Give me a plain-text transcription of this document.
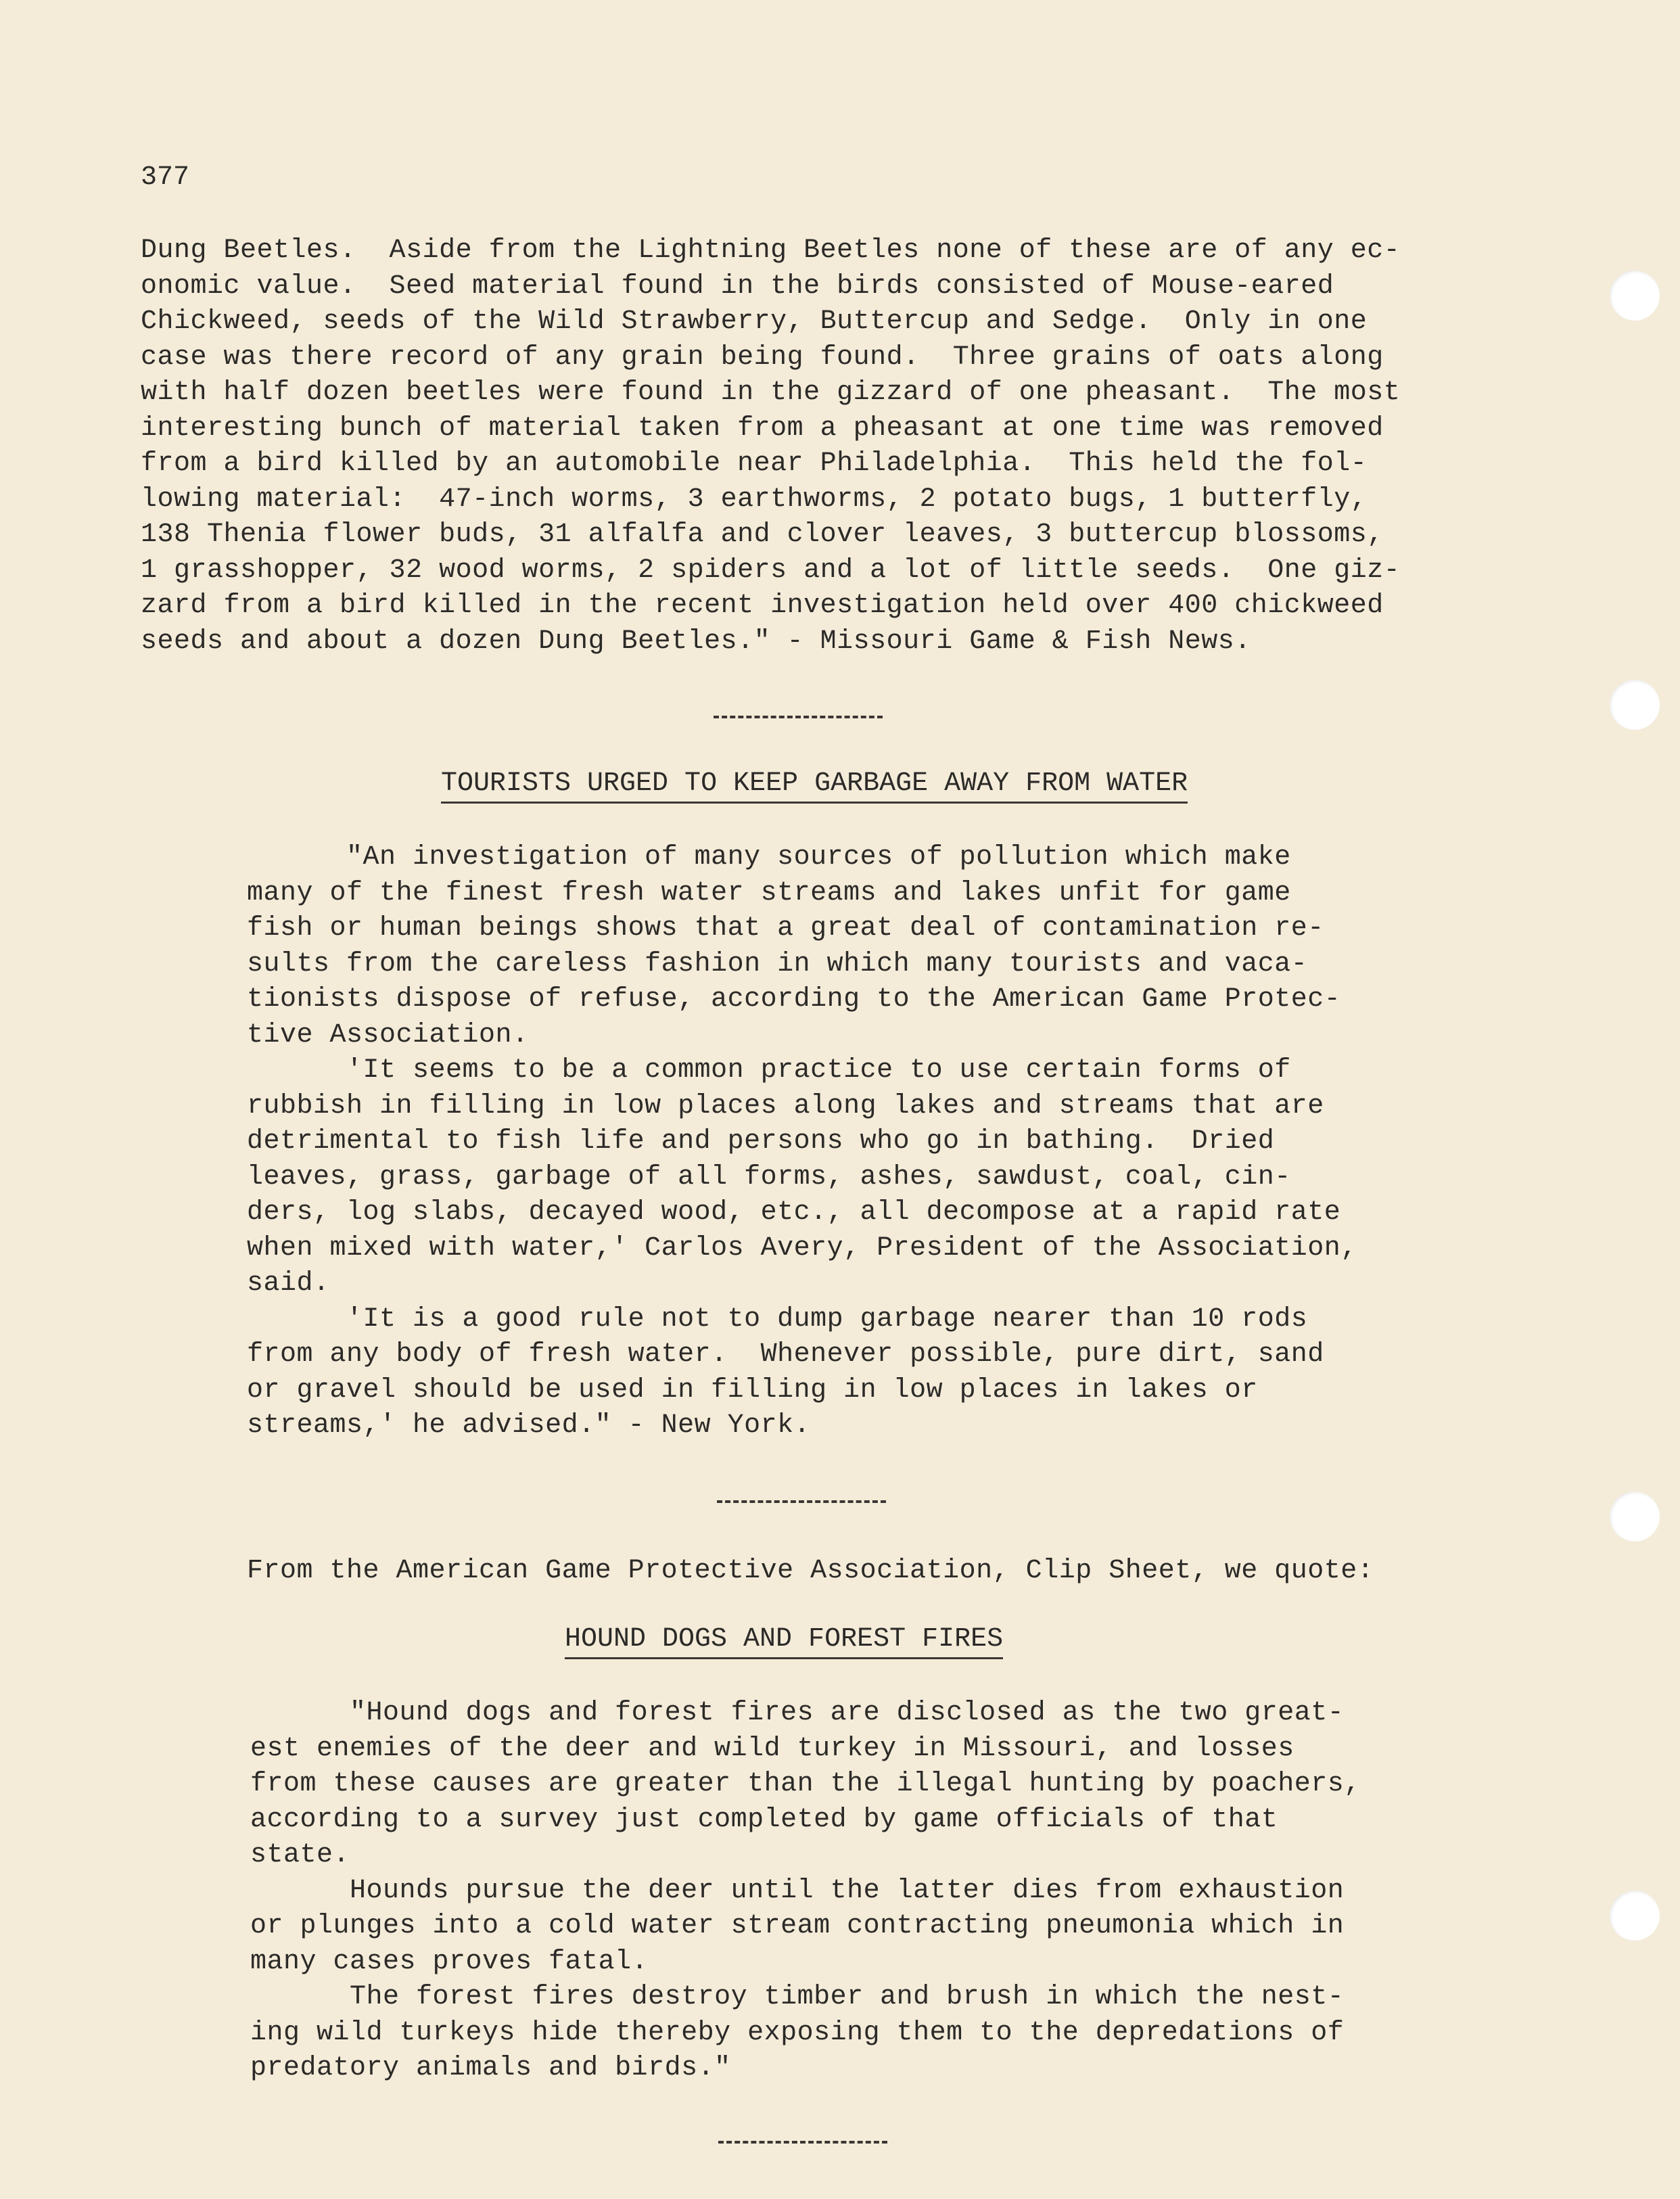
377
Dung Beetles.  Aside from the Lightning Beetles none of these are of any ec-
onomic value.  Seed material found in the birds consisted of Mouse-eared
Chickweed, seeds of the Wild Strawberry, Buttercup and Sedge.  Only in one
case was there record of any grain being found.  Three grains of oats along
with half dozen beetles were found in the gizzard of one pheasant.  The most
interesting bunch of material taken from a pheasant at one time was removed
from a bird killed by an automobile near Philadelphia.  This held the fol-
lowing material:  47-inch worms, 3 earthworms, 2 potato bugs, 1 butterfly,
138 Thenia flower buds, 31 alfalfa and clover leaves, 3 buttercup blossoms,
1 grasshopper, 32 wood worms, 2 spiders and a lot of little seeds.  One giz-
zard from a bird killed in the recent investigation held over 400 chickweed
seeds and about a dozen Dung Beetles." - Missouri Game & Fish News.
TOURISTS URGED TO KEEP GARBAGE AWAY FROM WATER
"An investigation of many sources of pollution which make
many of the finest fresh water streams and lakes unfit for game
fish or human beings shows that a great deal of contamination re-
sults from the careless fashion in which many tourists and vaca-
tionists dispose of refuse, according to the American Game Protec-
tive Association.
'It seems to be a common practice to use certain forms of
rubbish in filling in low places along lakes and streams that are
detrimental to fish life and persons who go in bathing.  Dried
leaves, grass, garbage of all forms, ashes, sawdust, coal, cin-
ders, log slabs, decayed wood, etc., all decompose at a rapid rate
when mixed with water,' Carlos Avery, President of the Association,
said.
'It is a good rule not to dump garbage nearer than 10 rods
from any body of fresh water.  Whenever possible, pure dirt, sand
or gravel should be used in filling in low places in lakes or
streams,' he advised." - New York.
From the American Game Protective Association, Clip Sheet, we quote:
HOUND DOGS AND FOREST FIRES
"Hound dogs and forest fires are disclosed as the two great-
est enemies of the deer and wild turkey in Missouri, and losses
from these causes are greater than the illegal hunting by poachers,
according to a survey just completed by game officials of that
state.
Hounds pursue the deer until the latter dies from exhaustion
or plunges into a cold water stream contracting pneumonia which in
many cases proves fatal.
The forest fires destroy timber and brush in which the nest-
ing wild turkeys hide thereby exposing them to the depredations of
predatory animals and birds."
